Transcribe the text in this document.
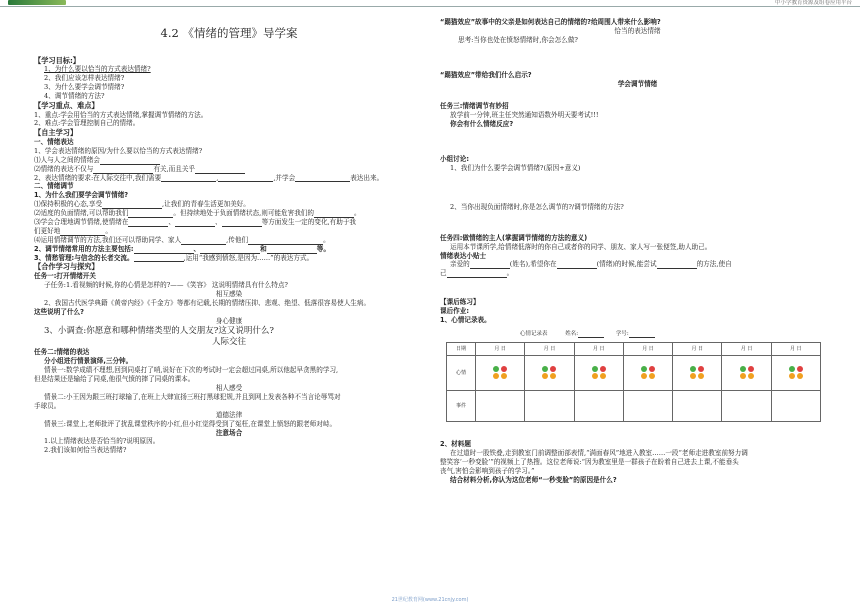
中小学教育资源及组卷应用平台
4.2 《情绪的管理》导学案
【学习目标:】

1、为什么要以恰当的方式表达情绪?

2、我们应该怎样表达情绪?

3、为什么要学会调节情绪?

4、调节情绪的方法?

【学习重点、难点】

1、重点:学会用恰当的方式表达情绪,掌握调节情绪的方法。

2、难点:学会管理控制自己的情绪。

【自主学习】

一、情绪表达

1、学会表达情绪的原因/为什么要以恰当的方式表达情绪?

⑴人与人之间的情绪会

⑵情绪的表达不仅与	有关,而且关乎

2、表达情绪的要求:在人际交往中,我们需要	,	,并学会	表达出来。

二、情绪调节

1、为什么我们要学会调节情绪?

⑴保持积极的心态,享受	,让我们的青春生活更加美好。

⑵适度的负面情绪,可以帮助我们	。但持续地处于负面情绪状态,则可能危害我们的	。

⑶学会合理地调节情绪,使情绪在	、	、	等方面发生一定的变化,有助于我

们更好地	。

⑷运用情绪调节的方法,我们还可以帮助同学、家人	,传他们	。

2、调节情绪常用的方法主要包括:	、	和	等。

3、情愁管理:与信念的长者交流。	,运用“我感到愤怒,是因为……”的表达方式。

【合作学习与探究】

任务一:打开情绪开关

子任务:1.看视频的时候,你的心情是怎样的?——《笑容》 这说明情绪具有什么特点?

相互感染

2、我国古代医学典籍《黄帝内经》《千金方》等都有记载,长期的情绪压抑、悲观、绝望、低落很容易使人生病。

这些说明了什么?

身心健康

3、小调查:你愿意和哪种情绪类型的人交朋友?这又说明什么?

人际交往

任务二:情绪的表达

分小组进行情景演绎,三分钟。

情景一:数学成绩不理想,回到同桌打了哨,说好在下次的考试时一定会超过同桌,所以他起早贪黑的学习,

但是结果还是输给了同桌,他很气愤的摔了同桌的课本。

相人感受

情景二:小王因为跟三班打球输了,在班上大肆宣扬三班打黑球犯规,并且到网上发表各种不当言论辱骂对

手球员。

道德法律

情景三:课堂上,老师批评了扰乱课堂秩序的小红,但小红觉得受到了冤枉,在课堂上愤怒的跟老师对峙。

注意场合

1.以上情绪表达是否恰当的?说明原因。

2.我们该如何恰当表达情绪?

“踢猫效应”故事中的父亲是如何表达自己的情绪的?给周围人带来什么影响?

恰当的表达情绪

思考:当你也处在愤怒情绪时,你会怎么做?

“踢猫效应”带给我们什么启示?

学会调节情绪

任务三:情绪调节有妙招

放学前一分钟,班主任突然通知语数外明天要考试!!!

你会有什么情绪反应?

小组讨论:

1、我们为什么要学会调节情绪?(原因+意义)

2、当你出现负面情绪时,你是怎么调节的?/调节情绪的方法?

任务四:做情绪的主人(掌握调节情绪的方法的意义)

运用本节课所学,给情绪低落时的你自己或者你的同学、朋友、家人写一张便签,助人助己。

情绪表达小贴士

亲爱的	(姓名),希望你在	(情绪)的时候,能尝试	的方法,使自

己	。

【课后练习】

课后作业:

1、心情记录表。

心情记录表	姓名:	学号:
日期	月 日	月 日	月 日	月 日	月 日	月 日	月 日
心情	

事件							

2、材料题

在过道时一股铁叠,走到教室门前调整面部表情,“满面春风”地进入教室……一段“老师走进教室前努力调

整笑容‘一秒变脸’”的视频上了热搜。这位老师说:“因为教室里是一群孩子在盼着自己进去上课,不能垂头

丧气,害怕会影响到孩子的学习。”

结合材料分析,你认为这位老师“一秒变脸”的原因是什么?

21世纪教育网(www.21cnjy.com)
